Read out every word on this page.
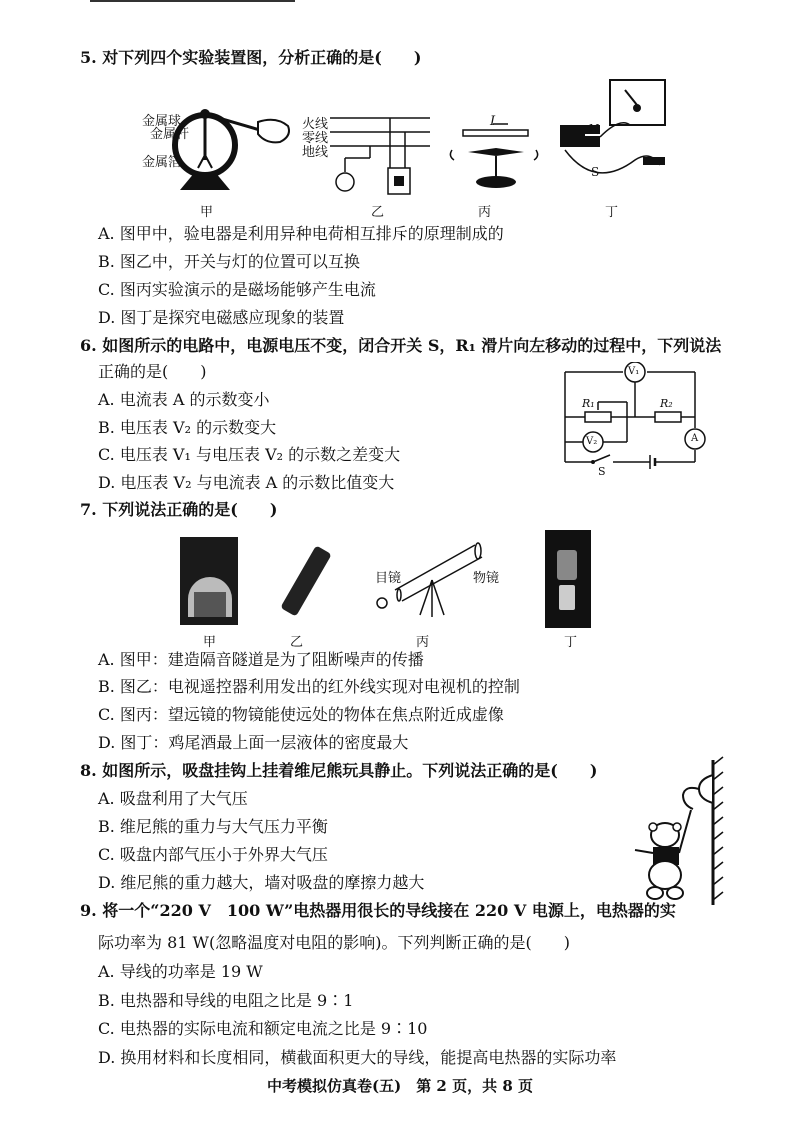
5. 对下列四个实验装置图，分析正确的是(　　)
金属球
金属杆
金属箔
火线
零线
地线
I	N
S
甲	乙	丙	丁
A. 图甲中，验电器是利用异种电荷相互排斥的原理制成的
B. 图乙中，开关与灯的位置可以互换
C. 图丙实验演示的是磁场能够产生电流
D. 图丁是探究电磁感应现象的装置
6. 如图所示的电路中，电源电压不变，闭合开关 S，R₁ 滑片向左移动的过程中，下列说法
正确的是(　　)
A. 电流表 A 的示数变小
B. 电压表 V₂ 的示数变大
C. 电压表 V₁ 与电压表 V₂ 的示数之差变大
D. 电压表 V₂ 与电流表 A 的示数比值变大
V₁
V₂	A
R₁	R₂
S
7. 下列说法正确的是(　　)
目镜	物镜
甲	乙	丙	丁
A. 图甲：建造隔音隧道是为了阻断噪声的传播
B. 图乙：电视遥控器利用发出的红外线实现对电视机的控制
C. 图丙：望远镜的物镜能使远处的物体在焦点附近成虚像
D. 图丁：鸡尾酒最上面一层液体的密度最大
8. 如图所示，吸盘挂钩上挂着维尼熊玩具静止。下列说法正确的是(　　)
A. 吸盘利用了大气压
B. 维尼熊的重力与大气压力平衡
C. 吸盘内部气压小于外界大气压
D. 维尼熊的重力越大，墙对吸盘的摩擦力越大
9. 将一个“220 V　100 W”电热器用很长的导线接在 220 V 电源上，电热器的实
际功率为 81 W(忽略温度对电阻的影响)。下列判断正确的是(　　)
A. 导线的功率是 19 W
B. 电热器和导线的电阻之比是 9∶1
C. 电热器的实际电流和额定电流之比是 9∶10
D. 换用材料和长度相同，横截面积更大的导线，能提高电热器的实际功率
中考模拟仿真卷(五)　第 2 页，共 8 页
